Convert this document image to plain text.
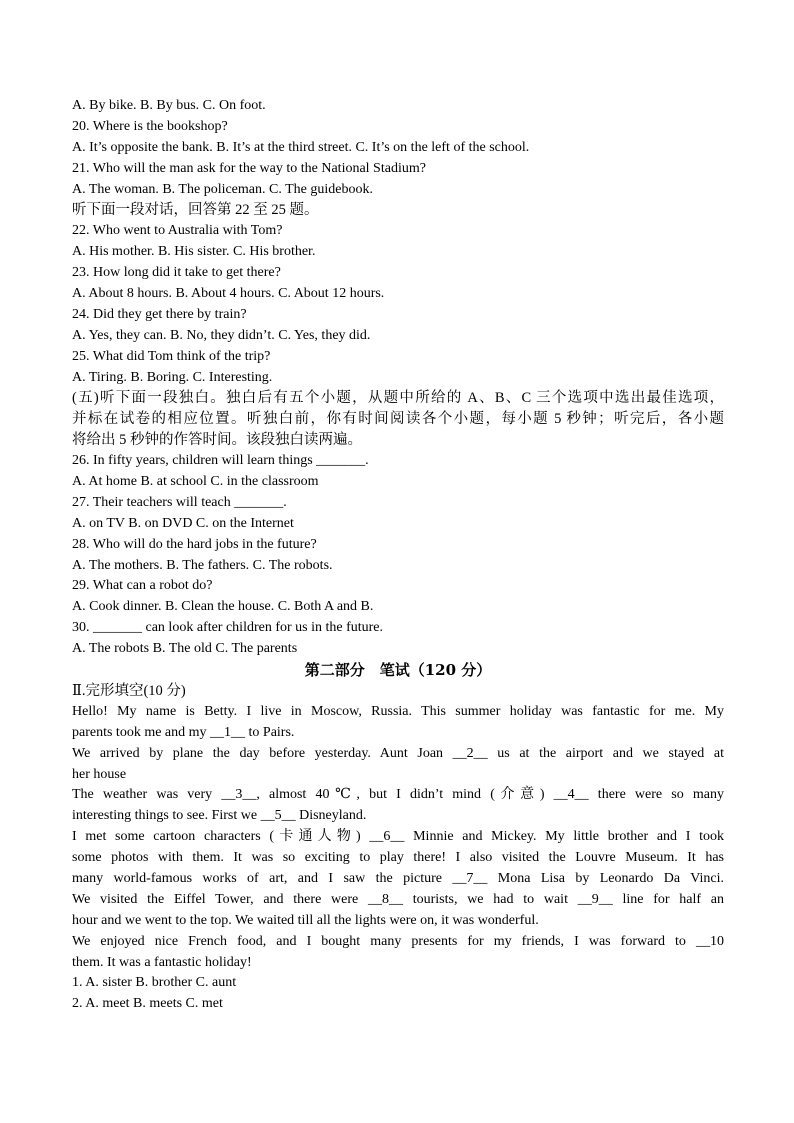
A. By bike. B. By bus. C. On foot.
20. Where is the bookshop?
A. It’s opposite the bank. B. It’s at the third street. C. It’s on the left of the school.
21. Who will the man ask for the way to the National Stadium?
A. The woman. B. The policeman. C. The guidebook.
听下面一段对话，回答第 22 至 25 题。
22. Who went to Australia with Tom?
A. His mother. B. His sister. C. His brother.
23. How long did it take to get there?
A. About 8 hours. B. About 4 hours. C. About 12 hours.
24. Did they get there by train?
A. Yes, they can. B. No, they didn’t. C. Yes, they did.
25. What did Tom think of the trip?
A. Tiring. B. Boring. C. Interesting.
(五)听下面一段独白。独白后有五个小题，从题中所给的 A、B、C 三个选项中选出最佳选项，
并标在试卷的相应位置。听独白前，你有时间阅读各个小题，每小题 5 秒钟；听完后，各小题
将给出 5 秒钟的作答时间。该段独白读两遍。
26. In fifty years, children will learn things _______.
A. At home B. at school C. in the classroom
27. Their teachers will teach _______.
A. on TV B. on DVD C. on the Internet
28. Who will do the hard jobs in the future?
A. The mothers. B. The fathers. C. The robots.
29. What can a robot do?
A. Cook dinner. B. Clean the house. C. Both A and B.
30. _______ can look after children for us in the future.
A. The robots B. The old C. The parents
第二部分　笔试（120 分）
Ⅱ.完形填空(10 分)
Hello! My name is Betty. I live in Moscow, Russia. This summer holiday was fantastic for me. My
parents took me and my __1__ to Pairs.
We arrived by plane the day before yesterday. Aunt Joan __2__ us at the airport and we stayed at
her house
The weather was very __3__, almost 40℃, but I didn’t mind (介意) __4__ there were so many
interesting things to see. First we __5__ Disneyland.
I met some cartoon characters (卡通人物) __6__ Minnie and Mickey. My little brother and I took
some photos with them. It was so exciting to play there! I also visited the Louvre Museum. It has
many world-famous works of art, and I saw the picture __7__ Mona Lisa by Leonardo Da Vinci.
We visited the Eiffel Tower, and there were __8__ tourists, we had to wait __9__ line for half an
hour and we went to the top. We waited till all the lights were on, it was wonderful.
We enjoyed nice French food, and I bought many presents for my friends, I was forward to __10
them. It was a fantastic holiday!
1. A. sister B. brother C. aunt
2. A. meet B. meets C. met
